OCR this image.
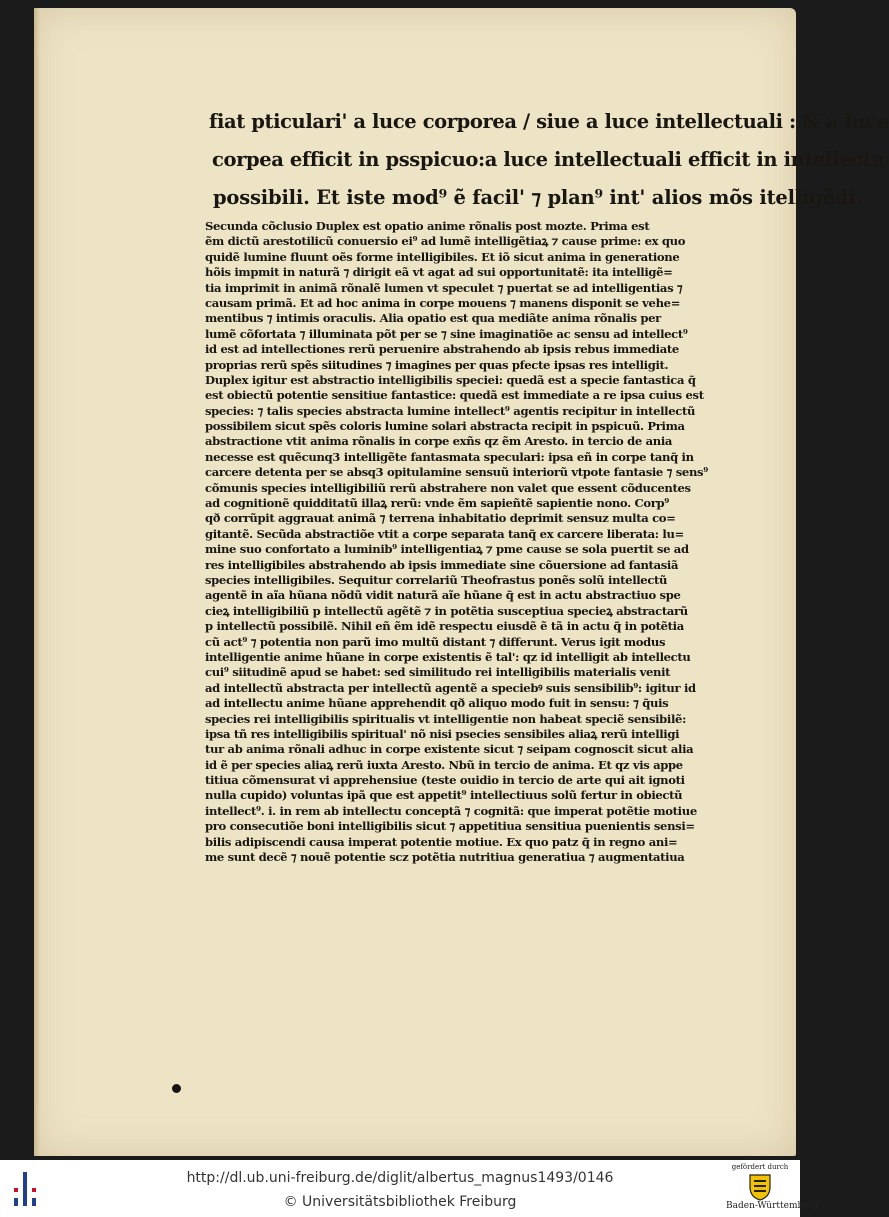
fiat pticulari' a luce corporea / siue a luce intellectuali : & a luce
corpea efficit in psspicuo:a luce intellectuali efficit in intellectu
possibili. Et iste mod⁹ ẽ facil' ⁊ plan⁹ int' alios mõs itelligẽdi.
Secunda cõclusio Duplex est opatio anime rõnalis post mozte. Prima est
ẽm dictũ arestotilicũ conuersio ei⁹ ad lumẽ intelligẽtiaꝝ ⁊ cause prime: ex quo
quidẽ lumine fluunt oẽs forme intelligibiles. Et iõ sicut anima in generatione
hõis impmit in naturã ⁊ dirigit eã vt agat ad sui opportunitatẽ: ita intelligẽ=
tia imprimit in animã rõnalẽ lumen vt speculet ⁊ puertat se ad intelligentias ⁊
causam primã. Et ad hoc anima in corpe mouens ⁊ manens disponit se vehe=
mentibus ⁊ intimis oraculis. Alia opatio est qua mediãte anima rõnalis per
lumẽ cõfortata ⁊ illuminata põt per se ⁊ sine imaginatiõe ac sensu ad intellect⁹
id est ad intellectiones rerũ peruenire abstrahendo ab ipsis rebus immediate
proprias rerũ spẽs siitudines ⁊ imagines per quas pfecte ipsas res intelligit.
Duplex igitur est abstractio intelligibilis speciei: quedã est a specie fantastica q̃
est obiectũ potentie sensitiue fantastice: quedã est immediate a re ipsa cuius est
species: ⁊ talis species abstracta lumine intellect⁹ agentis recipitur in intellectũ
possibilem sicut spẽs coloris lumine solari abstracta recipit in pspicuũ. Prima
abstractione vtit anima rõnalis in corpe exñs qz ẽm Aresto. in tercio de ania
necesse est quẽcunq3 intelligẽte fantasmata speculari: ipsa eñ in corpe tanq̃ in
carcere detenta per se absq3 opitulamine sensuũ interiorũ vtpote fantasie ⁊ sens⁹
cõmunis species intelligibiliũ rerũ abstrahere non valet que essent cõducentes
ad cognitionẽ quidditatũ illaꝝ rerũ: vnde ẽm sapieñtẽ sapientie nono. Corp⁹
qð corrũpit aggrauat animã ⁊ terrena inhabitatio deprimit sensuz multa co=
gitantẽ. Secũda abstractiõe vtit a corpe separata tanq̃ ex carcere liberata: lu=
mine suo confortato a luminib⁹ intelligentiaꝝ ⁊ pme cause se sola puertit se ad
res intelligibiles abstrahendo ab ipsis immediate sine cõuersione ad fantasiã
species intelligibiles. Sequitur correlariũ Theofrastus ponẽs solũ intellectũ
agentẽ in aĩa hũana nõdũ vidit naturã aĩe hũane q̃ est in actu abstractiuo spe
cieꝝ intelligibiliũ p intellectũ agẽtẽ ⁊ in potẽtia susceptiua specieꝝ abstractarũ
p intellectũ possibilẽ. Nihil eñ ẽm idẽ respectu eiusdẽ ẽ tã in actu q̃ in potẽtia
cũ act⁹ ⁊ potentia non parũ imo multũ distant ⁊ differunt. Verus igit modus
intelligentie anime hũane in corpe existentis ẽ tal': qz id intelligit ab intellectu
cui⁹ siitudinẽ apud se habet: sed similitudo rei intelligibilis materialis venit
ad intellectũ abstracta per intellectũ agentẽ a speciebꝰ suis sensibilib⁹: igitur id
ad intellectu anime hũane apprehendit qð aliquo modo fuit in sensu: ⁊ q̃uis
species rei intelligibilis spiritualis vt intelligentie non habeat speciẽ sensibilẽ:
ipsa tñ res intelligibilis spiritual' nõ nisi psecies sensibiles aliaꝝ rerũ intelligi
tur ab anima rõnali adhuc in corpe existente sicut ⁊ seipam cognoscit sicut alia
id ẽ per species aliaꝝ rerũ iuxta Aresto. Nbũ in tercio de anima. Et qz vis appe
titiua cõmensurat vi apprehensiue (teste ouidio in tercio de arte qui ait ignoti
nulla cupido) voluntas ipã que est appetit⁹ intellectiuus solũ fertur in obiectũ
intellect⁹. i. in rem ab intellectu conceptã ⁊ cognitã: que imperat potẽtie motiue
pro consecutiõe boni intelligibilis sicut ⁊ appetitiua sensitiua puenientis sensi=
bilis adipiscendi causa imperat potentie motiue. Ex quo patz q̃ in regno ani=
me sunt decẽ ⁊ nouẽ potentie scz potẽtia nutritiua generatiua ⁊ augmentatiua
http://dl.ub.uni-freiburg.de/diglit/albertus_magnus1493/0146
© Universitätsbibliothek Freiburg
gefördert durch
Baden-Württemberg
